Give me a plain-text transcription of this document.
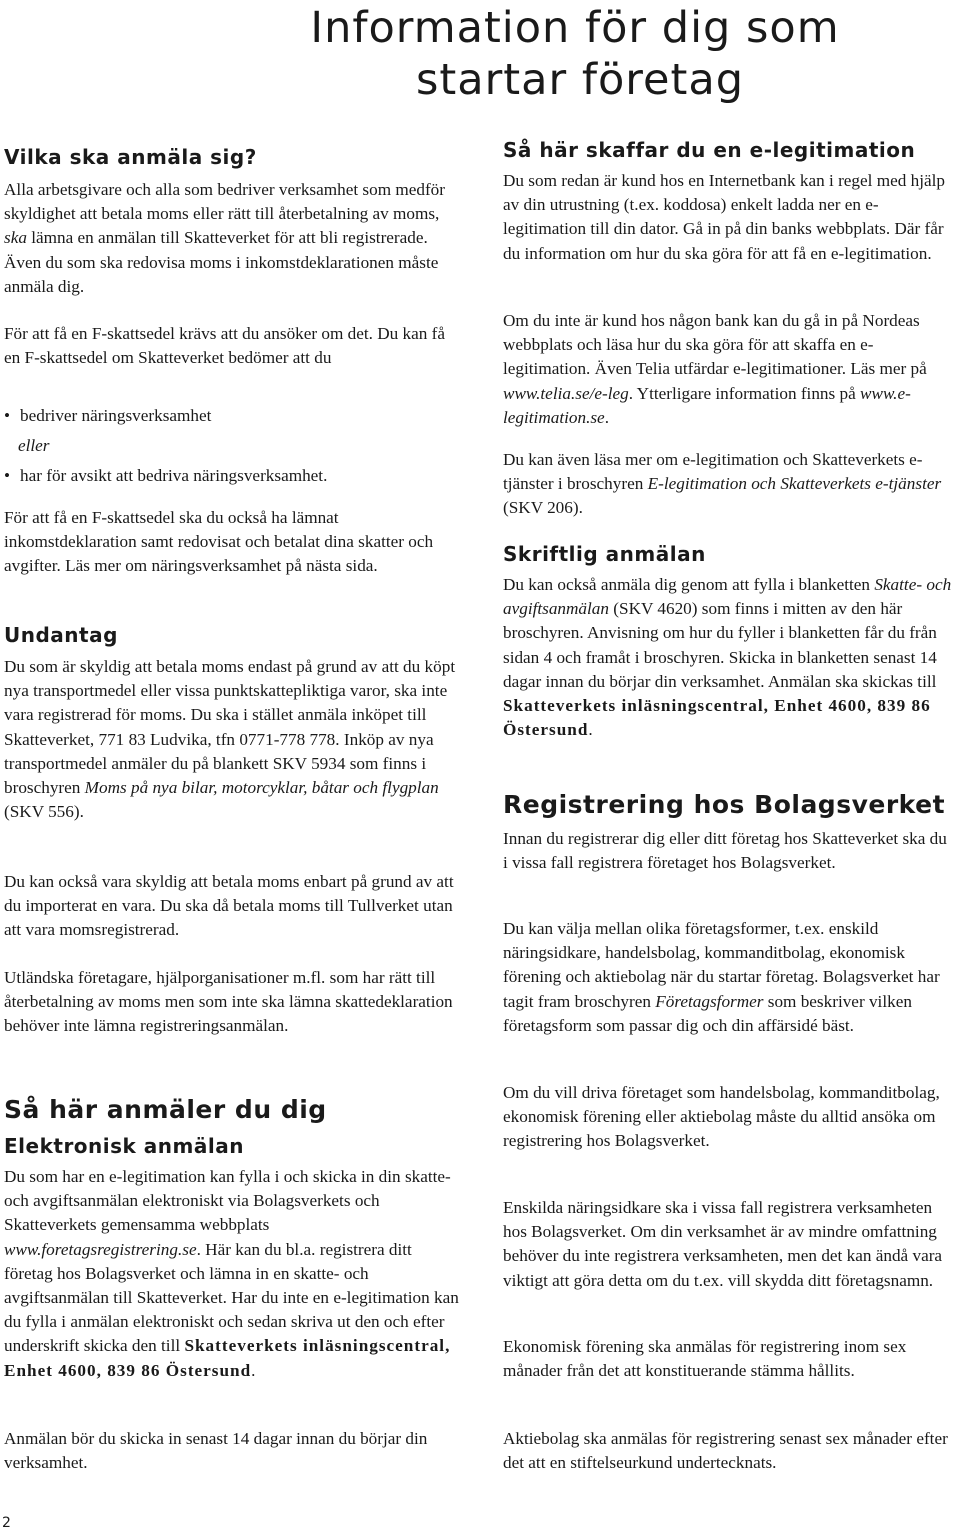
Information för dig som
startar företag
Vilka ska anmäla sig?

Alla arbetsgivare och alla som bedriver verksamhet som medför skyldighet att betala moms eller rätt till återbetalning av moms, ska lämna en anmälan till Skatteverket för att bli registrerade. Även du som ska redovisa moms i inkomstdeklarationen måste anmäla dig.

För att få en F-skattsedel krävs att du ansöker om det. Du kan få en F-skattsedel om Skatteverket bedömer att du

• bedriver näringsverksamhet

eller

• har för avsikt att bedriva näringsverksamhet.

För att få en F-skattsedel ska du också ha lämnat inkomstdeklaration samt redovisat och betalat dina skatter och avgifter. Läs mer om näringsverksamhet på nästa sida.

Undantag

Du som är skyldig att betala moms endast på grund av att du köpt nya transportmedel eller vissa punktskattepliktiga varor, ska inte vara registrerad för moms. Du ska i stället anmäla inköpet till Skatteverket, 771 83 Ludvika, tfn 0771-778 778. Inköp av nya transportmedel anmäler du på blankett SKV 5934 som finns i broschyren Moms på nya bilar, motorcyklar, båtar och flygplan (SKV 556).

Du kan också vara skyldig att betala moms enbart på grund av att du importerat en vara. Du ska då betala moms till Tullverket utan att vara momsregistrerad.

Utländska företagare, hjälporganisationer m.fl. som har rätt till återbetalning av moms men som inte ska lämna skattedeklaration behöver inte lämna registreringsanmälan.

Så här anmäler du dig
Elektronisk anmälan

Du som har en e-legitimation kan fylla i och skicka in din skatte- och avgiftsanmälan elektroniskt via Bolagsverkets och Skatteverkets gemensamma webbplats www.foretagsregistrering.se. Här kan du bl.a. registrera ditt företag hos Bolagsverket och lämna in en skatte- och avgiftsanmälan till Skatteverket. Har du inte en e-legitimation kan du fylla i anmälan elektroniskt och sedan skriva ut den och efter underskrift skicka den till Skatteverkets inläsningscentral, Enhet 4600, 839 86 Östersund.

Anmälan bör du skicka in senast 14 dagar innan du börjar din verksamhet.

Så här skaffar du en e-legitimation

Du som redan är kund hos en Internetbank kan i regel med hjälp av din utrustning (t.ex. koddosa) enkelt ladda ner en e-legitimation till din dator. Gå in på din banks webbplats. Där får du information om hur du ska göra för att få en e-legitimation.

Om du inte är kund hos någon bank kan du gå in på Nordeas webbplats och läsa hur du ska göra för att skaffa en e-legitimation. Även Telia utfärdar e-legitimationer. Läs mer på www.telia.se/e-leg. Ytterligare information finns på www.e-legitimation.se.

Du kan även läsa mer om e-legitimation och Skatteverkets e-tjänster i broschyren E-legitimation och Skatteverkets e-tjänster (SKV 206).

Skriftlig anmälan

Du kan också anmäla dig genom att fylla i blanketten Skatte- och avgiftsanmälan (SKV 4620) som finns i mitten av den här broschyren. Anvisning om hur du fyller i blanketten får du från sidan 4 och framåt i broschyren. Skicka in blanketten senast 14 dagar innan du börjar din verksamhet. Anmälan ska skickas till Skatteverkets inläsningscentral, Enhet 4600, 839 86 Östersund.

Registrering hos Bolagsverket

Innan du registrerar dig eller ditt företag hos Skatteverket ska du i vissa fall registrera företaget hos Bolagsverket.

Du kan välja mellan olika företagsformer, t.ex. enskild näringsidkare, handelsbolag, kommanditbolag, ekonomisk förening och aktiebolag när du startar företag. Bolagsverket har tagit fram broschyren Företagsformer som beskriver vilken företagsform som passar dig och din affärsidé bäst.

Om du vill driva företaget som handelsbolag, kommanditbolag, ekonomisk förening eller aktiebolag måste du alltid ansöka om registrering hos Bolagsverket.

Enskilda näringsidkare ska i vissa fall registrera verksamheten hos Bolagsverket. Om din verksamhet är av mindre omfattning behöver du inte registrera verksamheten, men det kan ändå vara viktigt att göra detta om du t.ex. vill skydda ditt företagsnamn.

Ekonomisk förening ska anmälas för registrering inom sex månader från det att konstituerande stämma hållits.

Aktiebolag ska anmälas för registrering senast sex månader efter det att en stiftelseurkund undertecknats.

2
